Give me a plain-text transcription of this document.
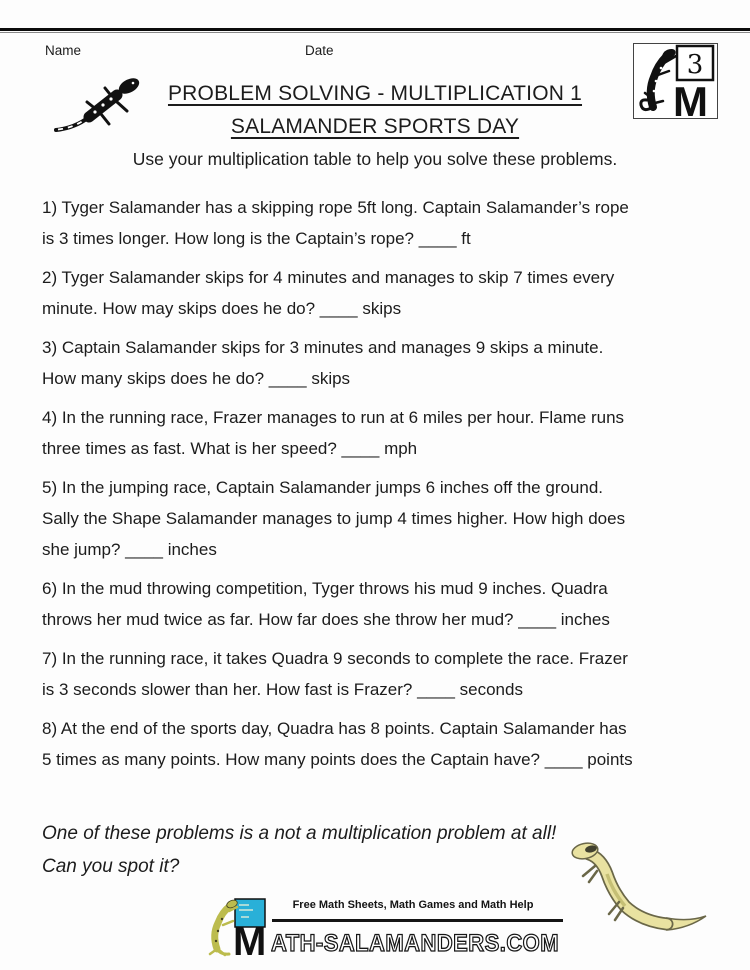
Name	Date	3
M
PROBLEM SOLVING - MULTIPLICATION 1
SALAMANDER SPORTS DAY
Use your multiplication table to help you solve these problems.

1) Tyger Salamander has a skipping rope 5ft long. Captain Salamander’s rope
is 3 times longer. How long is the Captain’s rope? ____ ft

2) Tyger Salamander skips for 4 minutes and manages to skip 7 times every
minute. How may skips does he do? ____ skips

3) Captain Salamander skips for 3 minutes and manages 9 skips a minute.
How many skips does he do? ____ skips

4) In the running race, Frazer manages to run at 6 miles per hour. Flame runs
three times as fast. What is her speed? ____ mph

5) In the jumping race, Captain Salamander jumps 6 inches off the ground.
Sally the Shape Salamander manages to jump 4 times higher. How high does
she jump? ____ inches

6) In the mud throwing competition, Tyger throws his mud 9 inches. Quadra
throws her mud twice as far. How far does she throw her mud? ____ inches

7) In the running race, it takes Quadra 9 seconds to complete the race. Frazer
is 3 seconds slower than her. How fast is Frazer? ____ seconds

8) At the end of the sports day, Quadra has 8 points. Captain Salamander has
5 times as many points. How many points does the Captain have? ____ points

One of these problems is a not a multiplication problem at all!
Can you spot it?
M
Free Math Sheets, Math Games and Math Help
ATH-SALAMANDERS.COM
